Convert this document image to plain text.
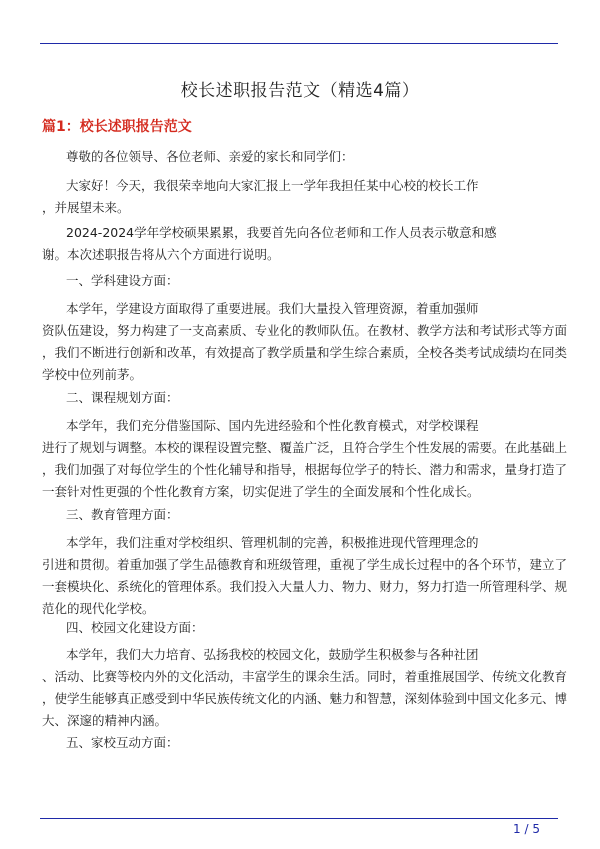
校长述职报告范文（精选4篇）
篇1：校长述职报告范文
尊敬的各位领导、各位老师、亲爱的家长和同学们：
大家好！今天，我很荣幸地向大家汇报上一学年我担任某中心校的校长工作
，并展望未来。
2024-2024学年学校硕果累累，我要首先向各位老师和工作人员表示敬意和感
谢。本次述职报告将从六个方面进行说明。
一、学科建设方面：
本学年，学建设方面取得了重要进展。我们大量投入管理资源，着重加强师
资队伍建设，努力构建了一支高素质、专业化的教师队伍。在教材、教学方法和考试形式等方面
，我们不断进行创新和改革，有效提高了教学质量和学生综合素质，全校各类考试成绩均在同类
学校中位列前茅。
二、课程规划方面：
本学年，我们充分借鉴国际、国内先进经验和个性化教育模式，对学校课程
进行了规划与调整。本校的课程设置完整、覆盖广泛，且符合学生个性发展的需要。在此基础上
，我们加强了对每位学生的个性化辅导和指导，根据每位学子的特长、潜力和需求，量身打造了
一套针对性更强的个性化教育方案，切实促进了学生的全面发展和个性化成长。
三、教育管理方面：
本学年，我们注重对学校组织、管理机制的完善，积极推进现代管理理念的
引进和贯彻。着重加强了学生品德教育和班级管理，重视了学生成长过程中的各个环节，建立了
一套模块化、系统化的管理体系。我们投入大量人力、物力、财力，努力打造一所管理科学、规
范化的现代化学校。
四、校园文化建设方面：
本学年，我们大力培育、弘扬我校的校园文化，鼓励学生积极参与各种社团
、活动、比赛等校内外的文化活动，丰富学生的课余生活。同时，着重推展国学、传统文化教育
，使学生能够真正感受到中华民族传统文化的内涵、魅力和智慧，深刻体验到中国文化多元、博
大、深邃的精神内涵。
五、家校互动方面：
1 / 5
